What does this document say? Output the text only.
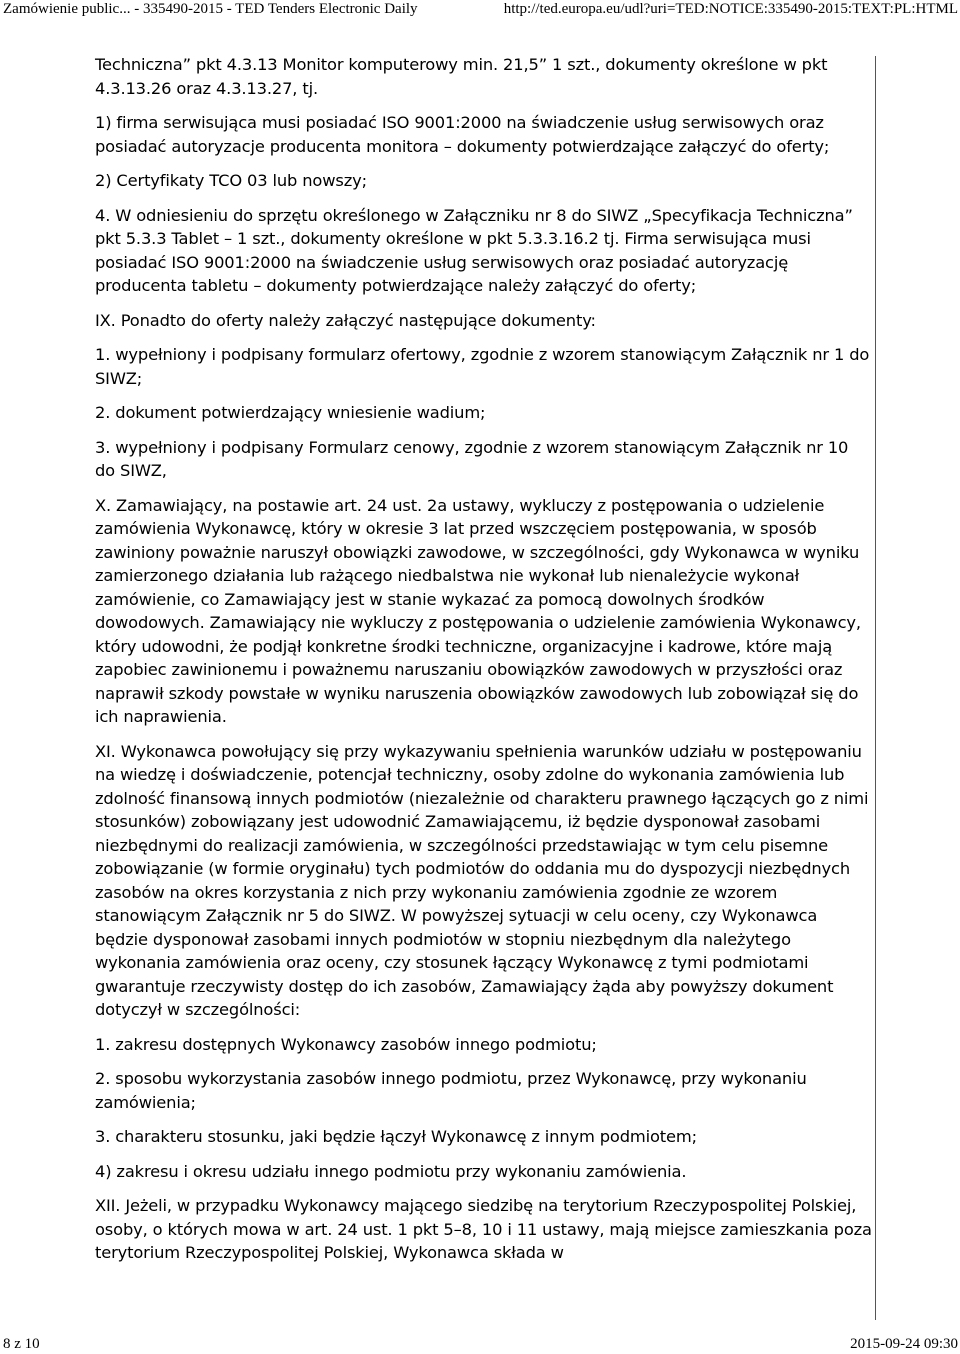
Zamówienie public... - 335490-2015 - TED Tenders Electronic Daily	http://ted.europa.eu/udl?uri=TED:NOTICE:335490-2015:TEXT:PL:HTML

Techniczna” pkt 4.3.13 Monitor komputerowy min. 21,5” 1 szt., dokumenty określone w pkt 4.3.13.26 oraz 4.3.13.27, tj.

1) firma serwisująca musi posiadać ISO 9001:2000 na świadczenie usług serwisowych oraz posiadać autoryzacje producenta monitora – dokumenty potwierdzające załączyć do oferty;

2) Certyfikaty TCO 03 lub nowszy;

4. W odniesieniu do sprzętu określonego w Załączniku nr 8 do SIWZ „Specyfikacja Techniczna” pkt 5.3.3 Tablet – 1 szt., dokumenty określone w pkt 5.3.3.16.2 tj. Firma serwisująca musi posiadać ISO 9001:2000 na świadczenie usług serwisowych oraz posiadać autoryzację producenta tabletu – dokumenty potwierdzające należy załączyć do oferty;

IX. Ponadto do oferty należy załączyć następujące dokumenty:

1. wypełniony i podpisany formularz ofertowy, zgodnie z wzorem stanowiącym Załącznik nr 1 do SIWZ;

2. dokument potwierdzający wniesienie wadium;

3. wypełniony i podpisany Formularz cenowy, zgodnie z wzorem stanowiącym Załącznik nr 10 do SIWZ,

X. Zamawiający, na postawie art. 24 ust. 2a ustawy, wykluczy z postępowania o udzielenie zamówienia Wykonawcę, który w okresie 3 lat przed wszczęciem postępowania, w sposób zawiniony poważnie naruszył obowiązki zawodowe, w szczególności, gdy Wykonawca w wyniku zamierzonego działania lub rażącego niedbalstwa nie wykonał lub nienależycie wykonał zamówienie, co Zamawiający jest w stanie wykazać za pomocą dowolnych środków dowodowych. Zamawiający nie wykluczy z postępowania o udzielenie zamówienia Wykonawcy, który udowodni, że podjął konkretne środki techniczne, organizacyjne i kadrowe, które mają zapobiec zawinionemu i poważnemu naruszaniu obowiązków zawodowych w przyszłości oraz naprawił szkody powstałe w wyniku naruszenia obowiązków zawodowych lub zobowiązał się do ich naprawienia.

XI. Wykonawca powołujący się przy wykazywaniu spełnienia warunków udziału w postępowaniu na wiedzę i doświadczenie, potencjał techniczny, osoby zdolne do wykonania zamówienia lub zdolność finansową innych podmiotów (niezależnie od charakteru prawnego łączących go z nimi stosunków) zobowiązany jest udowodnić Zamawiającemu, iż będzie dysponował zasobami niezbędnymi do realizacji zamówienia, w szczególności przedstawiając w tym celu pisemne zobowiązanie (w formie oryginału) tych podmiotów do oddania mu do dyspozycji niezbędnych zasobów na okres korzystania z nich przy wykonaniu zamówienia zgodnie ze wzorem stanowiącym Załącznik nr 5 do SIWZ. W powyższej sytuacji w celu oceny, czy Wykonawca będzie dysponował zasobami innych podmiotów w stopniu niezbędnym dla należytego wykonania zamówienia oraz oceny, czy stosunek łączący Wykonawcę z tymi podmiotami gwarantuje rzeczywisty dostęp do ich zasobów, Zamawiający żąda aby powyższy dokument dotyczył w szczególności:

1. zakresu dostępnych Wykonawcy zasobów innego podmiotu;

2. sposobu wykorzystania zasobów innego podmiotu, przez Wykonawcę, przy wykonaniu zamówienia;

3. charakteru stosunku, jaki będzie łączył Wykonawcę z innym podmiotem;

4) zakresu i okresu udziału innego podmiotu przy wykonaniu zamówienia.

XII. Jeżeli, w przypadku Wykonawcy mającego siedzibę na terytorium Rzeczypospolitej Polskiej, osoby, o których mowa w art. 24 ust. 1 pkt 5–8, 10 i 11 ustawy, mają miejsce zamieszkania poza terytorium Rzeczypospolitej Polskiej, Wykonawca składa w

8 z 10	2015-09-24 09:30
